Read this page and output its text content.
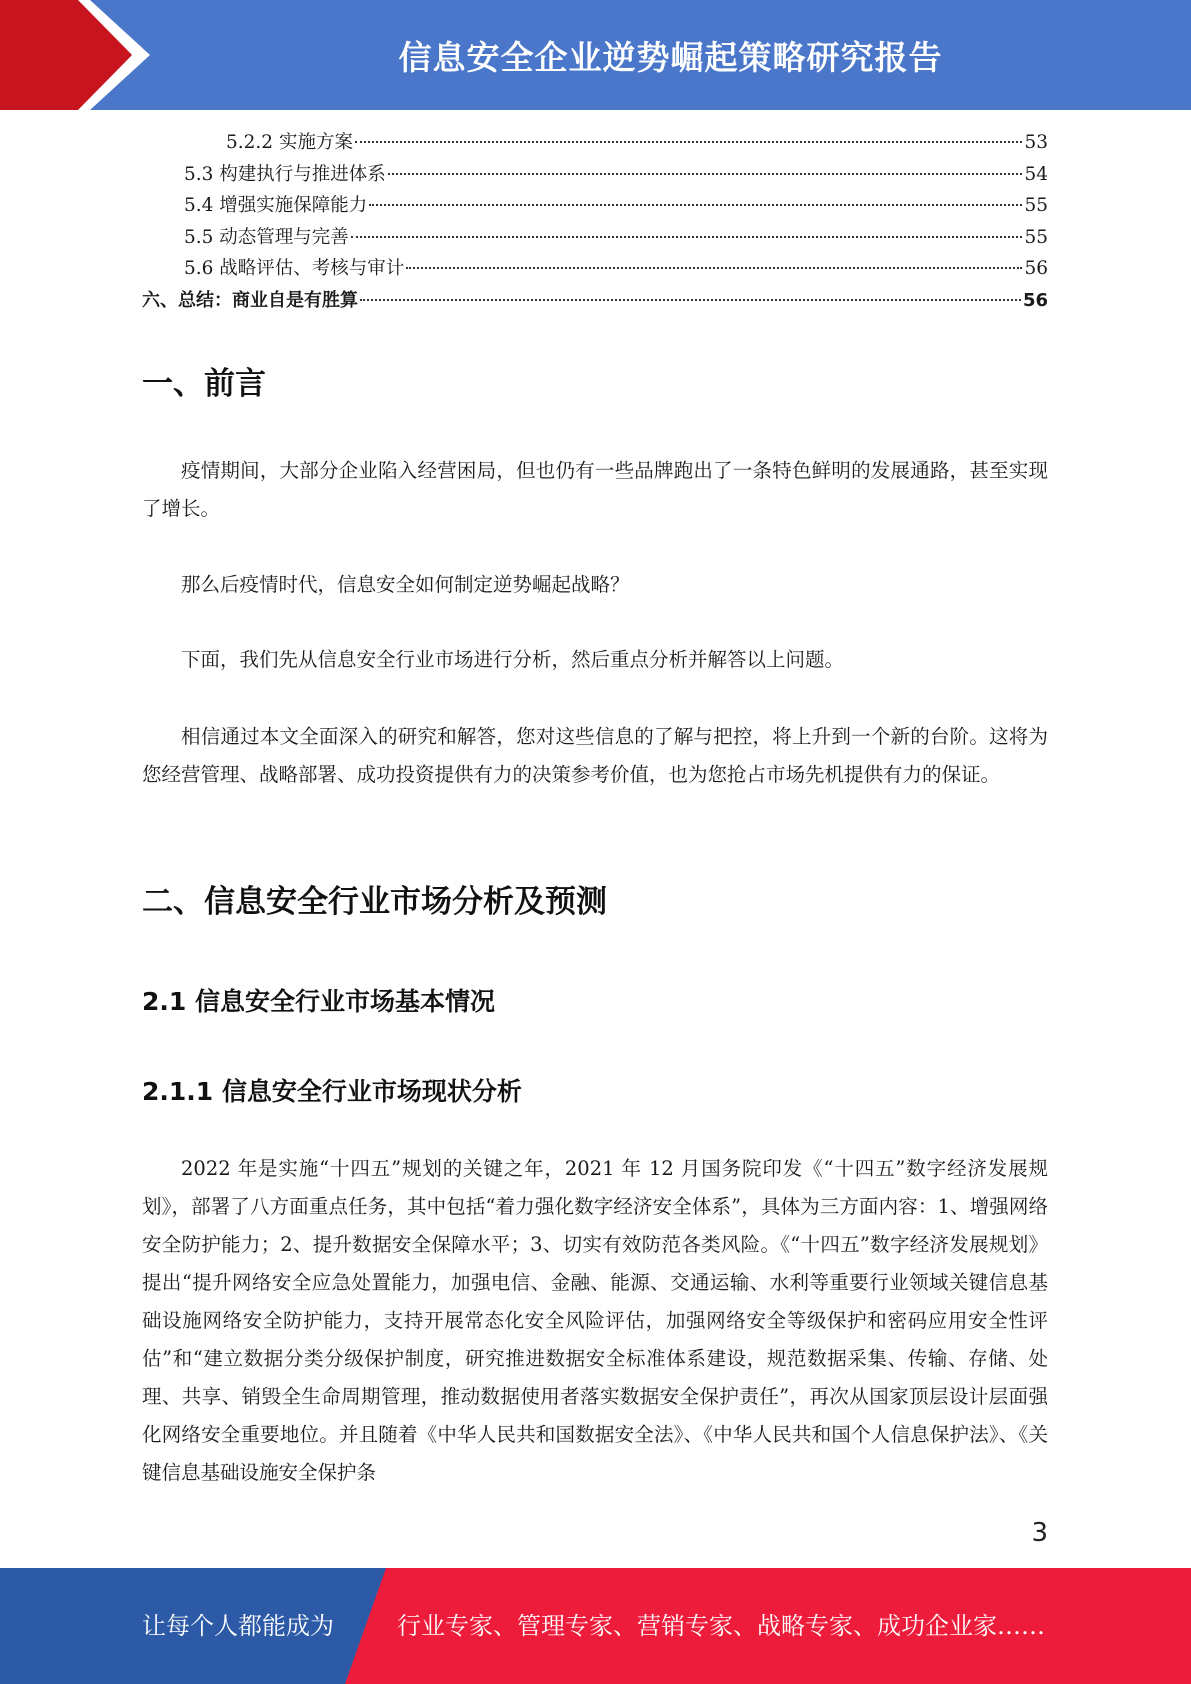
信息安全企业逆势崛起策略研究报告
5.2.2 实施方案	53
5.3 构建执行与推进体系	54
5.4 增强实施保障能力	55
5.5 动态管理与完善	55
5.6 战略评估、考核与审计	56
六、总结：商业自是有胜算	56
一、前言

疫情期间，大部分企业陷入经营困局，但也仍有一些品牌跑出了一条特色鲜明的发展通路，甚至实现了增长。

那么后疫情时代，信息安全如何制定逆势崛起战略？

下面，我们先从信息安全行业市场进行分析，然后重点分析并解答以上问题。

相信通过本文全面深入的研究和解答，您对这些信息的了解与把控，将上升到一个新的台阶。这将为您经营管理、战略部署、成功投资提供有力的决策参考价值，也为您抢占市场先机提供有力的保证。

二、信息安全行业市场分析及预测
2.1 信息安全行业市场基本情况
2.1.1 信息安全行业市场现状分析

2022 年是实施“十四五”规划的关键之年，2021 年 12 月国务院印发《“十四五”数字经济发展规划》，部署了八方面重点任务，其中包括“着力强化数字经济安全体系”，具体为三方面内容：1、增强网络安全防护能力；2、提升数据安全保障水平；3、切实有效防范各类风险。《“十四五”数字经济发展规划》提出“提升网络安全应急处置能力，加强电信、金融、能源、交通运输、水利等重要行业领域关键信息基础设施网络安全防护能力，支持开展常态化安全风险评估，加强网络安全等级保护和密码应用安全性评估”和“建立数据分类分级保护制度，研究推进数据安全标准体系建设，规范数据采集、传输、存储、处理、共享、销毁全生命周期管理，推动数据使用者落实数据安全保护责任”，再次从国家顶层设计层面强化网络安全重要地位。并且随着《中华人民共和国数据安全法》、《中华人民共和国个人信息保护法》、《关键信息基础设施安全保护条

3
让每个人都能成为	行业专家、管理专家、营销专家、战略专家、成功企业家……
